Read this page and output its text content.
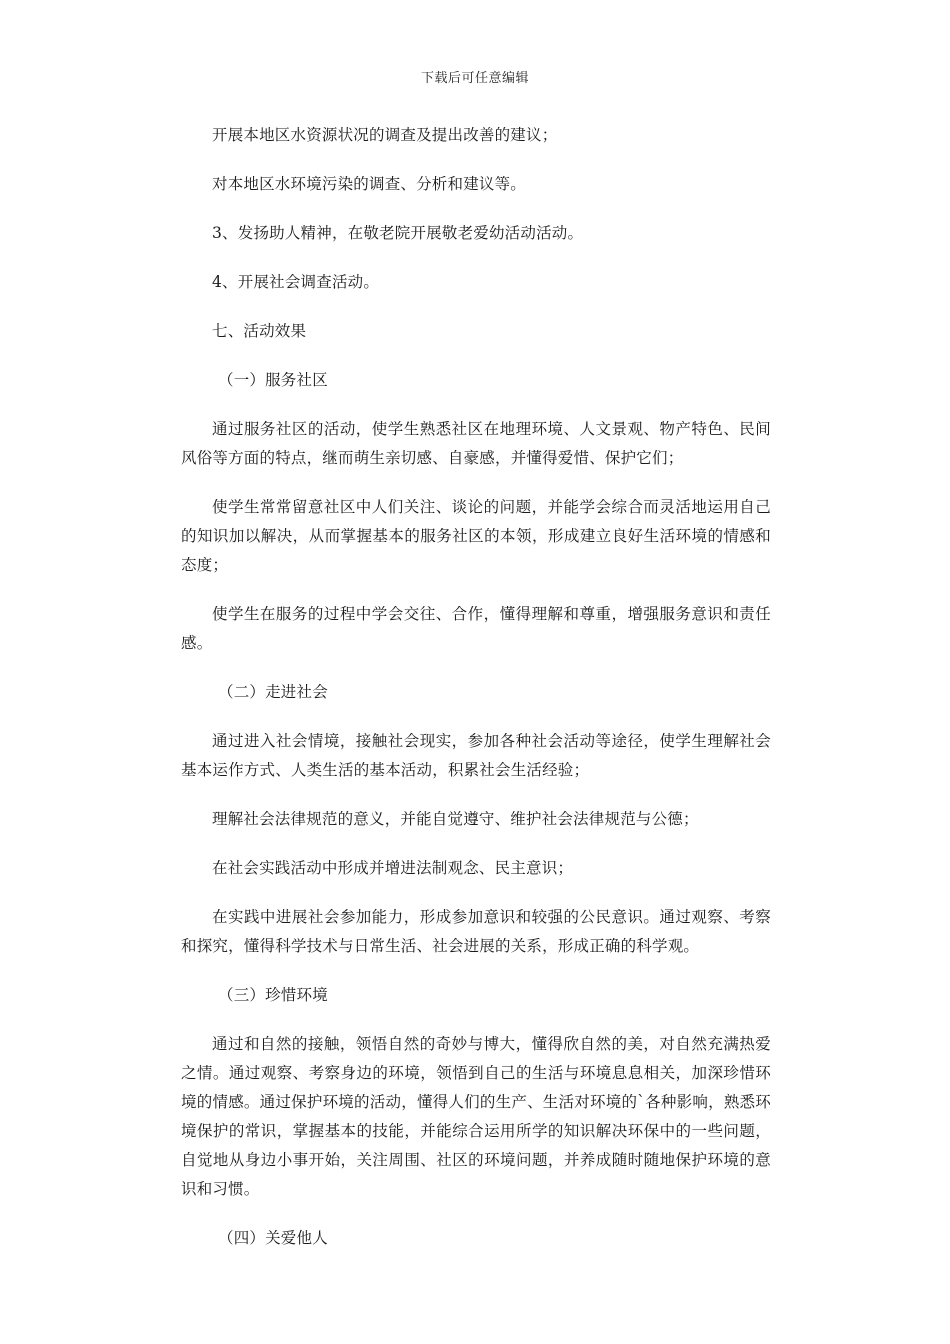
下载后可任意编辑

开展本地区水资源状况的调查及提出改善的建议；

对本地区水环境污染的调查、分析和建议等。

3、发扬助人精神，在敬老院开展敬老爱幼活动活动。

4、开展社会调查活动。

七、活动效果

（一）服务社区

通过服务社区的活动，使学生熟悉社区在地理环境、人文景观、物产特色、民间风俗等方面的特点，继而萌生亲切感、自豪感，并懂得爱惜、保护它们；

使学生常常留意社区中人们关注、谈论的问题，并能学会综合而灵活地运用自己的知识加以解决，从而掌握基本的服务社区的本领，形成建立良好生活环境的情感和态度；

使学生在服务的过程中学会交往、合作，懂得理解和尊重，增强服务意识和责任感。

（二）走进社会

通过进入社会情境，接触社会现实，参加各种社会活动等途径，使学生理解社会基本运作方式、人类生活的基本活动，积累社会生活经验；

理解社会法律规范的意义，并能自觉遵守、维护社会法律规范与公德；

在社会实践活动中形成并增进法制观念、民主意识；

在实践中进展社会参加能力，形成参加意识和较强的公民意识。通过观察、考察和探究，懂得科学技术与日常生活、社会进展的关系，形成正确的科学观。

（三）珍惜环境

通过和自然的接触，领悟自然的奇妙与博大，懂得欣自然的美，对自然充满热爱之情。通过观察、考察身边的环境，领悟到自己的生活与环境息息相关，加深珍惜环境的情感。通过保护环境的活动，懂得人们的生产、生活对环境的`各种影响，熟悉环境保护的常识，掌握基本的技能，并能综合运用所学的知识解决环保中的一些问题，自觉地从身边小事开始，关注周围、社区的环境问题，并养成随时随地保护环境的意识和习惯。

（四）关爱他人
